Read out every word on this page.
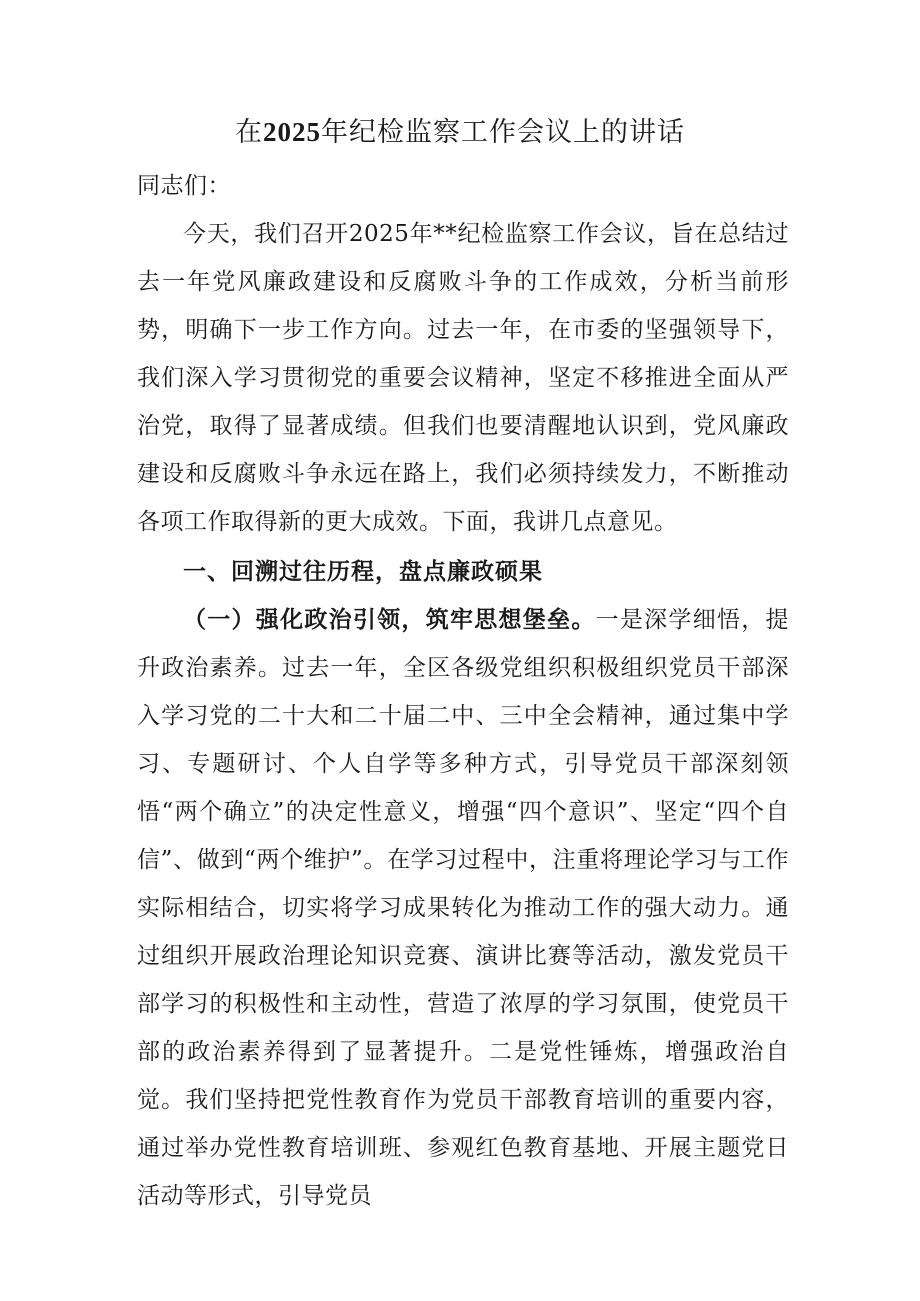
在2025年纪检监察工作会议上的讲话
同志们：
今天，我们召开2025年**纪检监察工作会议，旨在总结过去一年党风廉政建设和反腐败斗争的工作成效，分析当前形势，明确下一步工作方向。过去一年，在市委的坚强领导下，我们深入学习贯彻党的重要会议精神，坚定不移推进全面从严治党，取得了显著成绩。但我们也要清醒地认识到，党风廉政建设和反腐败斗争永远在路上，我们必须持续发力，不断推动各项工作取得新的更大成效。下面，我讲几点意见。
一、回溯过往历程，盘点廉政硕果
（一）强化政治引领，筑牢思想堡垒。一是深学细悟，提升政治素养。过去一年，全区各级党组织积极组织党员干部深入学习党的二十大和二十届二中、三中全会精神，通过集中学习、专题研讨、个人自学等多种方式，引导党员干部深刻领悟“两个确立”的决定性意义，增强“四个意识”、坚定“四个自信”、做到“两个维护”。在学习过程中，注重将理论学习与工作实际相结合，切实将学习成果转化为推动工作的强大动力。通过组织开展政治理论知识竞赛、演讲比赛等活动，激发党员干部学习的积极性和主动性，营造了浓厚的学习氛围，使党员干部的政治素养得到了显著提升。二是党性锤炼，增强政治自觉。我们坚持把党性教育作为党员干部教育培训的重要内容，通过举办党性教育培训班、参观红色教育基地、开展主题党日活动等形式，引导党员
